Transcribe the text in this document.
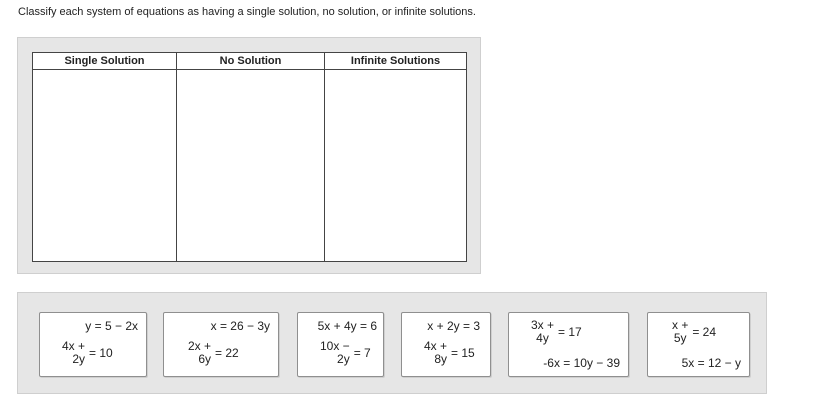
Classify each system of equations as having a single solution, no solution, or infinite solutions.
Single Solution	No Solution	Infinite Solutions
y = 5 − 2x
4x +
2y = 10
x = 26 − 3y
2x +
6y = 22
5x + 4y = 6
10x −
2y = 7
x + 2y = 3
4x +
8y = 15
3x +
4y = 17
-6x = 10y − 39
x +
5y = 24
5x = 12 − y
